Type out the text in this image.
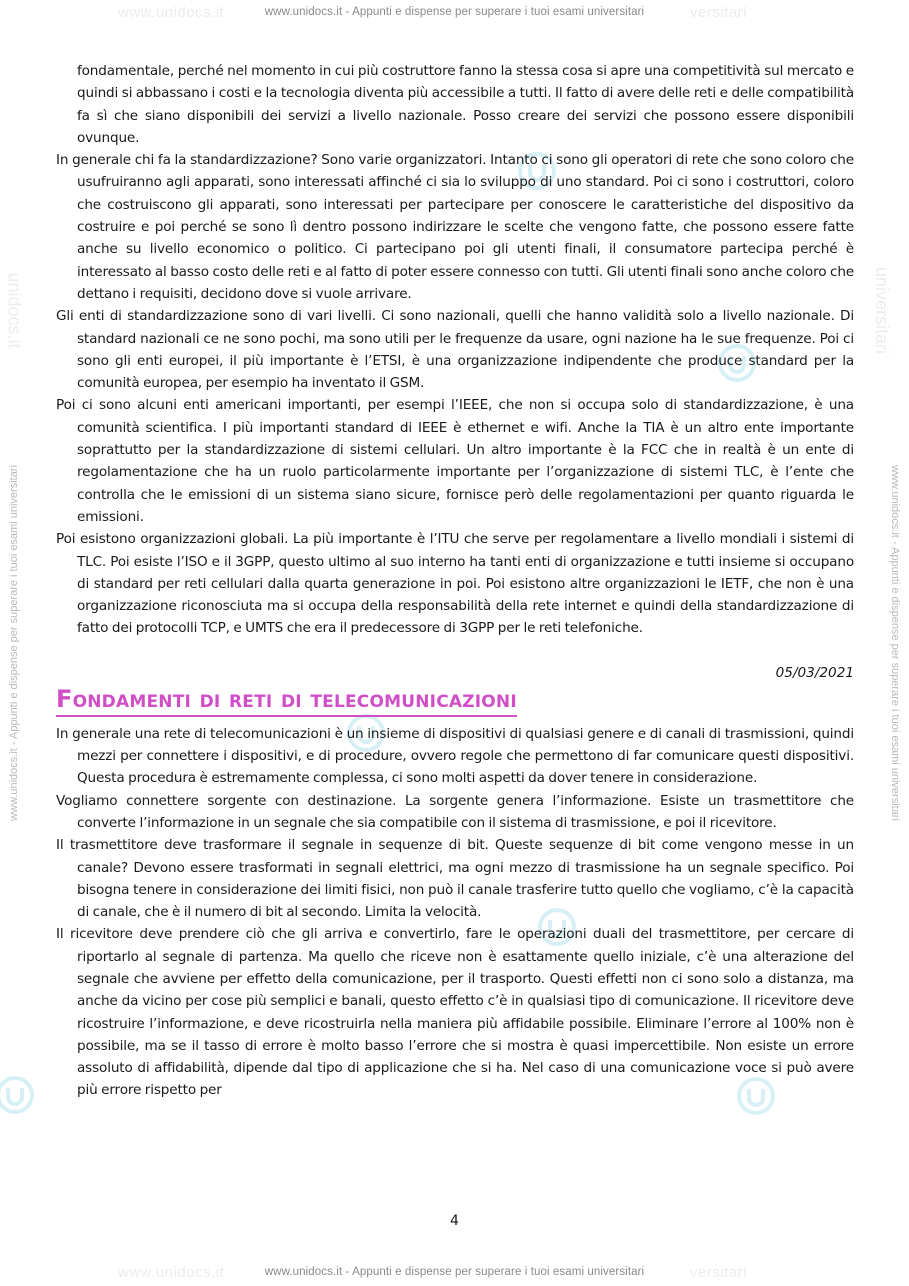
www.unidocs.it	versitari
www.unidocs.it - Appunti e dispense per superare i tuoi esami universitari
www.unidocs.it	versitari
www.unidocs.it - Appunti e dispense per superare i tuoi esami universitari
www.unidocs.it - Appunti e dispense per superare i tuoi esami universitari	www.unidocs.it - Appunti e dispense per superare i tuoi esami universitari
unidocs.it	universitari

fondamentale, perché nel momento in cui più costruttore fanno la stessa cosa si apre una competitività sul mercato e quindi si abbassano i costi e la tecnologia diventa più accessibile a tutti. Il fatto di avere delle reti e delle compatibilità fa sì che siano disponibili dei servizi a livello nazionale. Posso creare dei servizi che possono essere disponibili ovunque.

In generale chi fa la standardizzazione? Sono varie organizzatori. Intanto ci sono gli operatori di rete che sono coloro che usufruiranno agli apparati, sono interessati affinché ci sia lo sviluppo di uno standard. Poi ci sono i costruttori, coloro che costruiscono gli apparati, sono interessati per partecipare per conoscere le caratteristiche del dispositivo da costruire e poi perché se sono lì dentro possono indirizzare le scelte che vengono fatte, che possono essere fatte anche su livello economico o politico. Ci partecipano poi gli utenti finali, il consumatore partecipa perché è interessato al basso costo delle reti e al fatto di poter essere connesso con tutti. Gli utenti finali sono anche coloro che dettano i requisiti, decidono dove si vuole arrivare.

Gli enti di standardizzazione sono di vari livelli. Ci sono nazionali, quelli che hanno validità solo a livello nazionale. Di standard nazionali ce ne sono pochi, ma sono utili per le frequenze da usare, ogni nazione ha le sue frequenze. Poi ci sono gli enti europei, il più importante è l’ETSI, è una organizzazione indipendente che produce standard per la comunità europea, per esempio ha inventato il GSM.

Poi ci sono alcuni enti americani importanti, per esempi l’IEEE, che non si occupa solo di standardizzazione, è una comunità scientifica. I più importanti standard di IEEE è ethernet e wifi. Anche la TIA è un altro ente importante soprattutto per la standardizzazione di sistemi cellulari. Un altro importante è la FCC che in realtà è un ente di regolamentazione che ha un ruolo particolarmente importante per l’organizzazione di sistemi TLC, è l’ente che controlla che le emissioni di un sistema siano sicure, fornisce però delle regolamentazioni per quanto riguarda le emissioni.

Poi esistono organizzazioni globali. La più importante è l’ITU che serve per regolamentare a livello mondiali i sistemi di TLC. Poi esiste l’ISO e il 3GPP, questo ultimo al suo interno ha tanti enti di organizzazione e tutti insieme si occupano di standard per reti cellulari dalla quarta generazione in poi. Poi esistono altre organizzazioni le IETF, che non è una organizzazione riconosciuta ma si occupa della responsabilità della rete internet e quindi della standardizzazione di fatto dei protocolli TCP, e UMTS che era il predecessore di 3GPP per le reti telefoniche.

05/03/2021

Fondamenti di reti di telecomunicazioni

In generale una rete di telecomunicazioni è un insieme di dispositivi di qualsiasi genere e di canali di trasmissioni, quindi mezzi per connettere i dispositivi, e di procedure, ovvero regole che permettono di far comunicare questi dispositivi. Questa procedura è estremamente complessa, ci sono molti aspetti da dover tenere in considerazione.

Vogliamo connettere sorgente con destinazione. La sorgente genera l’informazione. Esiste un trasmettitore che converte l’informazione in un segnale che sia compatibile con il sistema di trasmissione, e poi il ricevitore.

Il trasmettitore deve trasformare il segnale in sequenze di bit. Queste sequenze di bit come vengono messe in un canale? Devono essere trasformati in segnali elettrici, ma ogni mezzo di trasmissione ha un segnale specifico. Poi bisogna tenere in considerazione dei limiti fisici, non può il canale trasferire tutto quello che vogliamo, c’è la capacità di canale, che è il numero di bit al secondo. Limita la velocità.

Il ricevitore deve prendere ciò che gli arriva e convertirlo, fare le operazioni duali del trasmettitore, per cercare di riportarlo al segnale di partenza. Ma quello che riceve non è esattamente quello iniziale, c’è una alterazione del segnale che avviene per effetto della comunicazione, per il trasporto. Questi effetti non ci sono solo a distanza, ma anche da vicino per cose più semplici e banali, questo effetto c’è in qualsiasi tipo di comunicazione. Il ricevitore deve ricostruire l’informazione, e deve ricostruirla nella maniera più affidabile possibile. Eliminare l’errore al 100% non è possibile, ma se il tasso di errore è molto basso l’errore che si mostra è quasi impercettibile. Non esiste un errore assoluto di affidabilità, dipende dal tipo di applicazione che si ha. Nel caso di una comunicazione voce si può avere più errore rispetto per

4
